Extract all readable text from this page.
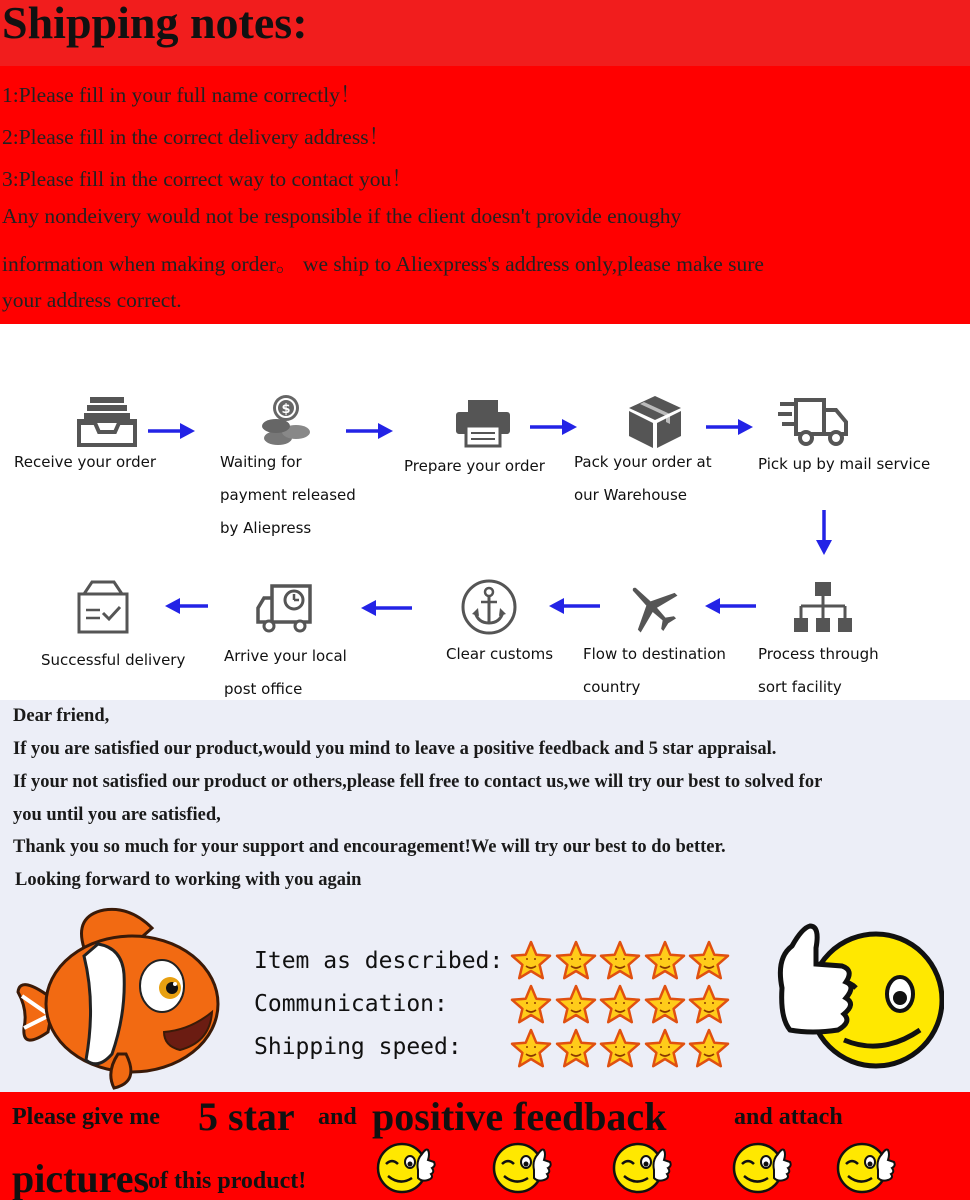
Shipping notes:
1:Please fill in your full name correctly！
2:Please fill in the correct delivery address！
3:Please fill in the correct way to contact you！
Any nondeivery would not be responsible if the client doesn't provide enoughy
information when making order。 we ship to Aliexpress's address only,please make sure
your address correct.
Receive your order
$
Waiting for
payment released
by Aliepress
Prepare your order Pack your order at
our Warehouse
Pick up by mail service
Process through
sort facility
Flow to destination
country
Clear customs
Arrive your local
post office
Successful delivery
Dear friend,
If you are satisfied our product,would you mind to leave a positive feedback and 5 star appraisal.
If your not satisfied our product or others,please fell free to contact us,we will try our best to solved for
you until you are satisfied,
Thank you so much for your support and encouragement!We will try our best to do better.
Looking forward to working with you again
Item as described:
Communication:
Shipping speed:
Please give me 5 star and positive feedback	and attach
pictures
of this product!
